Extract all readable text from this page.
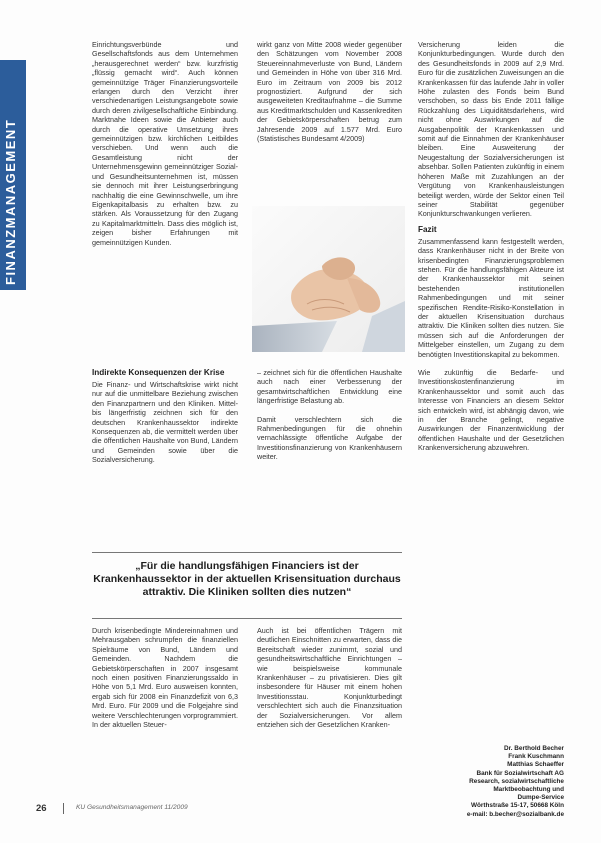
FINANZMANAGEMENT

Einrichtungsverbünde und Gesellschaftsfonds aus dem Unternehmen „herausgerechnet werden“ bzw. kurzfristig „flüssig gemacht wird“. Auch können gemeinnützige Träger Finanzierungsvorteile erlangen durch den Verzicht ihrer verschiedenartigen Leistungsangebote sowie durch deren zivilgesellschaftliche Einbindung. Marktnahe Ideen sowie die Anbieter auch durch die operative Umsetzung ihres gemeinnützigen bzw. kirchlichen Leitbildes verschieben. Und wenn auch die Gesamtleistung nicht der Unternehmensgewinn gemeinnütziger Sozial- und Gesundheitsunternehmen ist, müssen sie dennoch mit ihrer Leistungserbringung nachhaltig die eine Gewinnschwelle, um ihre Eigenkapitalbasis zu erhalten bzw. zu stärken. Als Voraussetzung für den Zugang zu Kapitalmarktmitteln. Dass dies möglich ist, zeigen bisher Erfahrungen mit gemeinnützigen Kunden.

Indirekte Konsequenzen der Krise

Die Finanz- und Wirtschaftskrise wirkt nicht nur auf die unmittelbare Beziehung zwischen den Finanzpartnern und den Kliniken. Mittel- bis längerfristig zeichnen sich für den deutschen Krankenhaussektor indirekte Konsequenzen ab, die vermittelt werden über die öffentlichen Haushalte von Bund, Ländern und Gemeinden sowie über die Sozialversicherung.

wirkt ganz von Mitte 2008 wieder gegenüber den Schätzungen vom November 2008 Steuereinnahmeverluste von Bund, Ländern und Gemeinden in Höhe von über 316 Mrd. Euro im Zeitraum von 2009 bis 2012 prognostiziert. Aufgrund der sich ausgeweiteten Kreditaufnahme – die Summe aus Kreditmarktschulden und Kassenkrediten der Gebietskörperschaften betrug zum Jahresende 2009 auf 1.577 Mrd. Euro (Statistisches Bundesamt 4/2009)

– zeichnet sich für die öffentlichen Haushalte auch nach einer Verbesserung der gesamtwirtschaftlichen Entwicklung eine längerfristige Belastung ab.

Damit verschlechtern sich die Rahmenbedingungen für die ohnehin vernachlässigte öffentliche Aufgabe der Investitionsfinanzierung von Krankenhäusern weiter.

Versicherung leiden die Konjunkturbedingungen. Wurde durch den des Gesundheitsfonds in 2009 auf 2,9 Mrd. Euro für die zusätzlichen Zuweisungen an die Krankenkassen für das laufende Jahr in voller Höhe zulasten des Fonds beim Bund verschoben, so dass bis Ende 2011 fällige Rückzahlung des Liquiditätsdarlehens, wird nicht ohne Auswirkungen auf die Ausgabenpolitik der Krankenkassen und somit auf die Einnahmen der Krankenhäuser bleiben. Eine Ausweiterung der Neugestaltung der Sozialversicherungen ist absehbar. Sollen Patienten zukünftig in einem höheren Maße mit Zuzahlungen an der Vergütung von Krankenhausleistungen beteiligt werden, würde der Sektor einen Teil seiner Stabilität gegenüber Konjunkturschwankungen verlieren.

Fazit

Zusammenfassend kann festgestellt werden, dass Krankenhäuser nicht in der Breite von krisenbedingten Finanzierungsproblemen stehen. Für die handlungsfähigen Akteure ist der Krankenhaussektor mit seinen bestehenden institutionellen Rahmenbedingungen und mit seiner spezifischen Rendite-Risiko-Konstellation in der aktuellen Krisensituation durchaus attraktiv. Die Kliniken sollten dies nutzen. Sie müssen sich auf die Anforderungen der Mittelgeber einstellen, um Zugang zu dem benötigten Investitionskapital zu bekommen.

Wie zukünftig die Bedarfe- und Investitionskostenfinanzierung im Krankenhaussektor und somit auch das Interesse von Financiers an diesem Sektor sich entwickeln wird, ist abhängig davon, wie in der Branche gelingt, negative Auswirkungen der Finanzentwicklung der öffentlichen Haushalte und der Gesetzlichen Krankenversicherung abzuwehren.

„Für die handlungsfähigen Financiers ist der Krankenhaussektor in der aktuellen Krisensituation durchaus attraktiv. Die Kliniken sollten dies nutzen“

Durch krisenbedingte Mindereinnahmen und Mehrausgaben schrumpfen die finanziellen Spielräume von Bund, Ländern und Gemeinden. Nachdem die Gebietskörperschaften in 2007 insgesamt noch einen positiven Finanzierungssaldo in Höhe von 5,1 Mrd. Euro ausweisen konnten, ergab sich für 2008 ein Finanzdefizit von 6,3 Mrd. Euro. Für 2009 und die Folgejahre sind weitere Verschlechterungen vorprogrammiert. In der aktuellen Steuer-

Auch ist bei öffentlichen Trägern mit deutlichen Einschnitten zu erwarten, dass die Bereitschaft wieder zunimmt, sozial und gesundheitswirtschaftliche Einrichtungen – wie beispielsweise kommunale Krankenhäuser – zu privatisieren. Dies gilt insbesondere für Häuser mit einem hohen Investitionsstau. Konjunkturbedingt verschlechtert sich auch die Finanzsituation der Sozialversicherungen. Vor allem entziehen sich der Gesetzlichen Kranken-

Dr. Berthold Becher
Frank Kuschmann
Matthias Schaeffer
Bank für Sozialwirtschaft AG
Research, sozialwirtschaftliche
Marktbeobachtung und
Dumpe-Service
Wörthstraße 15-17, 50668 Köln
e-mail: b.becher@sozialbank.de
26	KU Gesundheitsmanagement 11/2009
